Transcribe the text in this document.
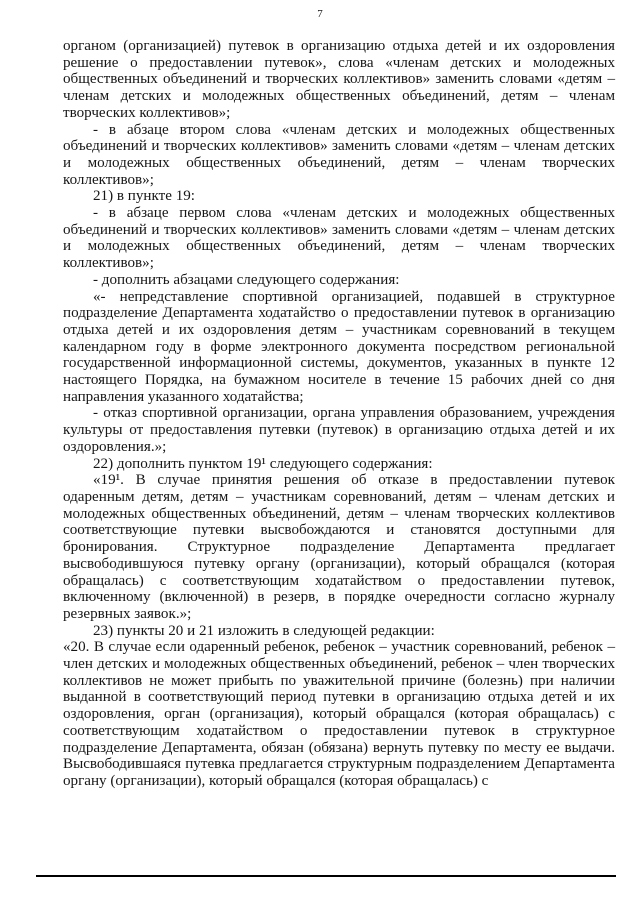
7

органом (организацией) путевок в организацию отдыха детей и их оздоровления решение о предоставлении путевок», слова «членам детских и молодежных общественных объединений и творческих коллективов» заменить словами «детям – членам детских и молодежных общественных объединений, детям – членам творческих коллективов»;

- в абзаце втором слова «членам детских и молодежных общественных объединений и творческих коллективов» заменить словами «детям – членам детских и молодежных общественных объединений, детям – членам творческих коллективов»;

21) в пункте 19:

- в абзаце первом слова «членам детских и молодежных общественных объединений и творческих коллективов» заменить словами «детям – членам детских и молодежных общественных объединений, детям – членам творческих коллективов»;

- дополнить абзацами следующего содержания:

«- непредставление спортивной организацией, подавшей в структурное подразделение Департамента ходатайство о предоставлении путевок в организацию отдыха детей и их оздоровления детям – участникам соревнований в текущем календарном году в форме электронного документа посредством региональной государственной информационной системы, документов, указанных в пункте 12 настоящего Порядка, на бумажном носителе в течение 15 рабочих дней со дня направления указанного ходатайства;

- отказ спортивной организации, органа управления образованием, учреждения культуры от предоставления путевки (путевок) в организацию отдыха детей и их оздоровления.»;

22) дополнить пунктом 19¹ следующего содержания:

«19¹. В случае принятия решения об отказе в предоставлении путевок одаренным детям, детям – участникам соревнований, детям – членам детских и молодежных общественных объединений, детям – членам творческих коллективов соответствующие путевки высвобождаются и становятся доступными для бронирования. Структурное подразделение Департамента предлагает высвободившуюся путевку органу (организации), который обращался (которая обращалась) с соответствующим ходатайством о предоставлении путевок, включенному (включенной) в резерв, в порядке очередности согласно журналу резервных заявок.»;

23) пункты 20 и 21 изложить в следующей редакции:

«20. В случае если одаренный ребенок, ребенок – участник соревнований, ребенок – член детских и молодежных общественных объединений, ребенок – член творческих коллективов не может прибыть по уважительной причине (болезнь) при наличии выданной в соответствующий период путевки в организацию отдыха детей и их оздоровления, орган (организация), который обращался (которая обращалась) с соответствующим ходатайством о предоставлении путевок в структурное подразделение Департамента, обязан (обязана) вернуть путевку по месту ее выдачи. Высвободившаяся путевка предлагается структурным подразделением Департамента органу (организации), который обращался (которая обращалась) с
